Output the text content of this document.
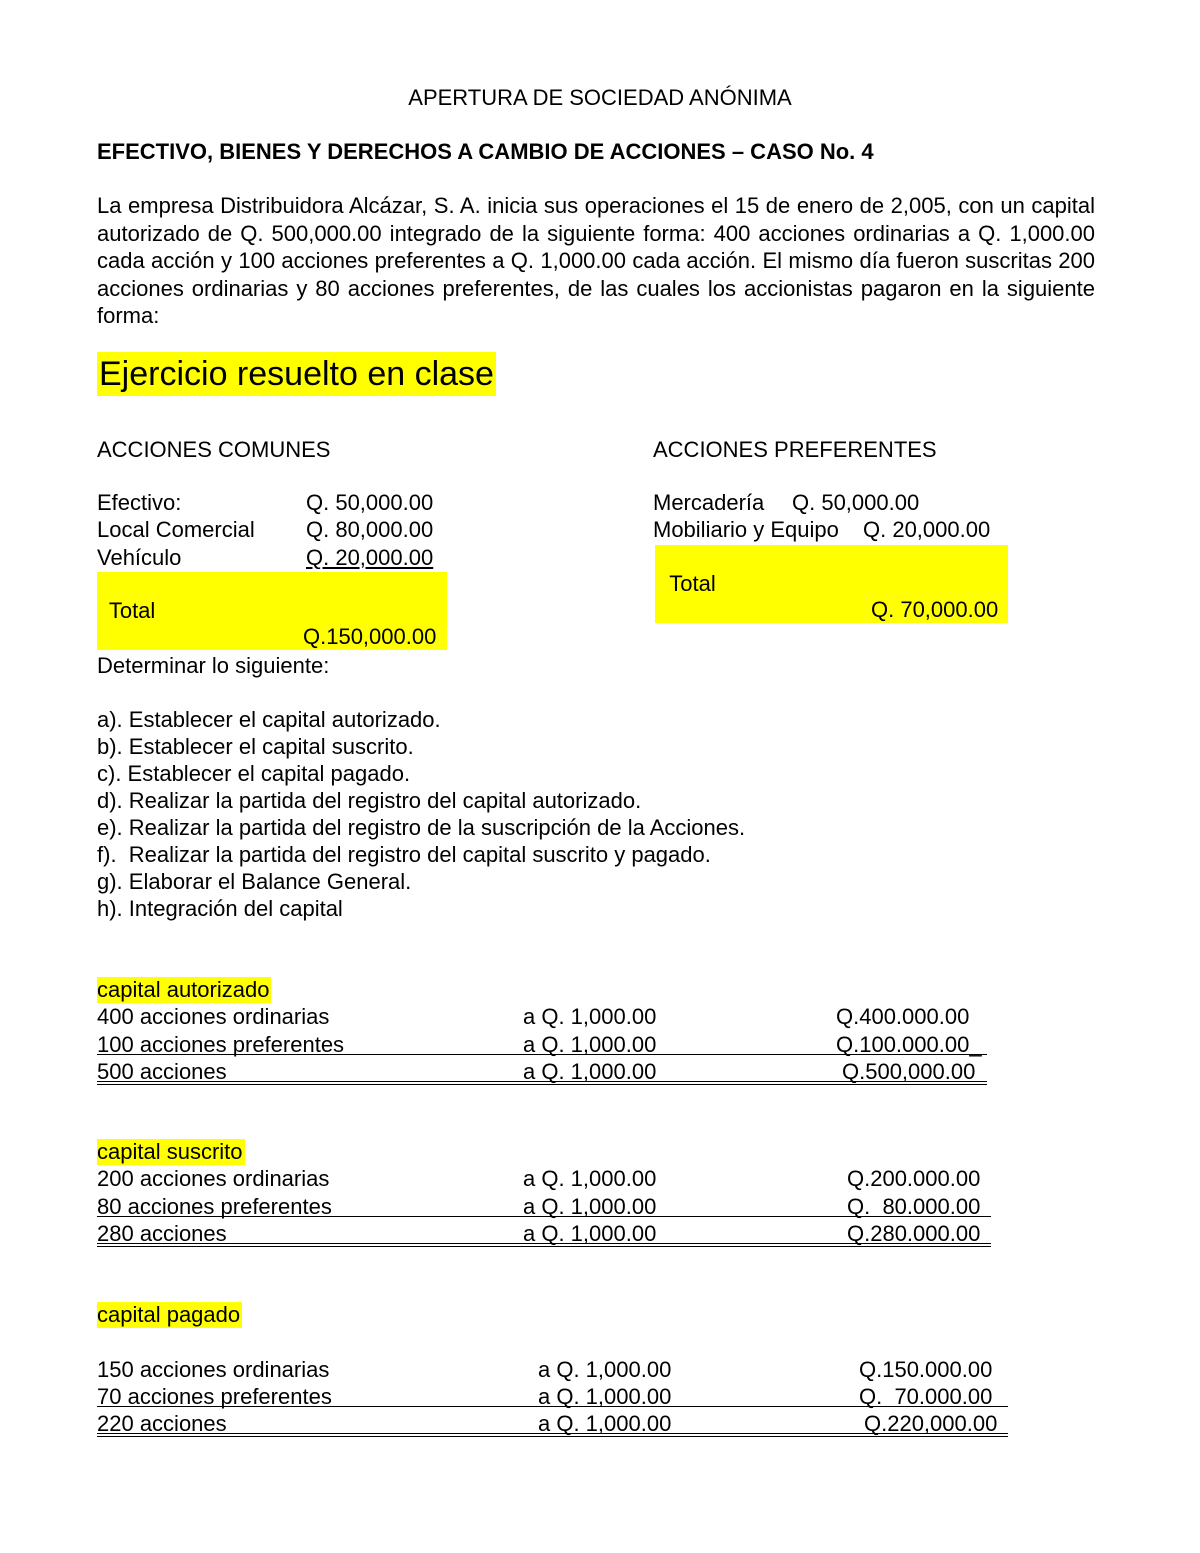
APERTURA DE SOCIEDAD ANÓNIMA
EFECTIVO, BIENES Y DERECHOS A CAMBIO DE ACCIONES – CASO No. 4
La empresa Distribuidora Alcázar, S. A. inicia sus operaciones el 15 de enero de 2,005, con un capital autorizado de Q. 500,000.00 integrado de la siguiente forma: 400 acciones ordinarias a Q. 1,000.00 cada acción y 100 acciones preferentes a Q. 1,000.00 cada acción. El mismo día fueron suscritas 200 acciones ordinarias y 80 acciones preferentes, de las cuales los accionistas pagaron en la siguiente forma:
Ejercicio resuelto en clase
ACCIONES COMUNES
Efectivo:	Q. 50,000.00
Local Comercial Q. 80,000.00
Vehículo	Q. 20,000.00

Total

Q.150,000.00

ACCIONES PREFERENTES
Mercadería Q. 50,000.00
Mobiliario y Equipo Q. 20,000.00

Total

Q. 70,000.00

Determinar lo siguiente:
a). Establecer el capital autorizado.
b). Establecer el capital suscrito.
c). Establecer el capital pagado.
d). Realizar la partida del registro del capital autorizado.
e). Realizar la partida del registro de la suscripción de la Acciones.
f).  Realizar la partida del registro del capital suscrito y pagado.
g). Elaborar el Balance General.
h). Integración del capital
capital autorizado
400 acciones ordinarias	a Q. 1,000.00	Q.400.000.00
100 acciones preferentes	a Q. 1,000.00	Q.100.000.00_
500 acciones	a Q. 1,000.00	Q.500,000.00
capital suscrito
200 acciones ordinarias	a Q. 1,000.00	Q.200.000.00
80 acciones preferentes	a Q. 1,000.00	Q.  80.000.00
280 acciones	a Q. 1,000.00	Q.280.000.00
capital pagado
150 acciones ordinarias	a Q. 1,000.00	Q.150.000.00
70 acciones preferentes	a Q. 1,000.00	Q.  70.000.00
220 acciones	a Q. 1,000.00	Q.220,000.00
